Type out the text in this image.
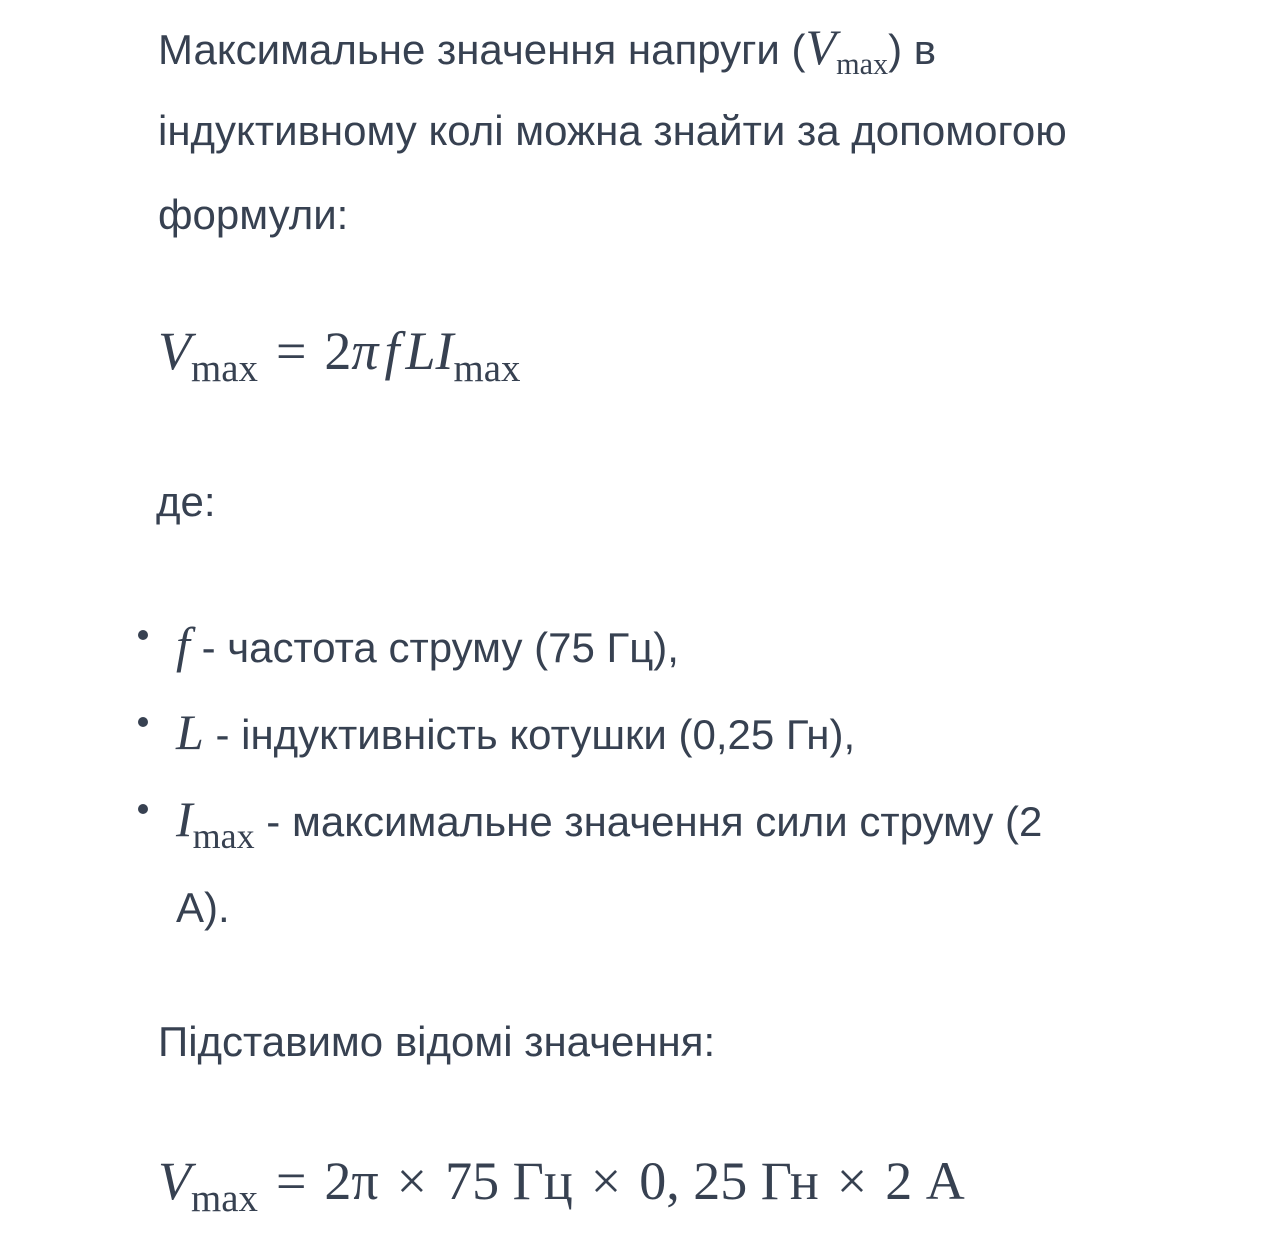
Максимальне значення напруги $(V_{max})$ в
індуктивному колі можна знайти за допомогою
формули:
$V_{max} = 2\pi$ f $LI_{max}$
де:
f - частота струму (75 Гц),
L - індуктивність котушки (0,25 Гн),
Imax - максимальне значення сили струму (2
А).
Підставимо відомі значення:
$V_{max} = 2\pi \times 75$ Гц × 0, 25 Гн × 2 А
